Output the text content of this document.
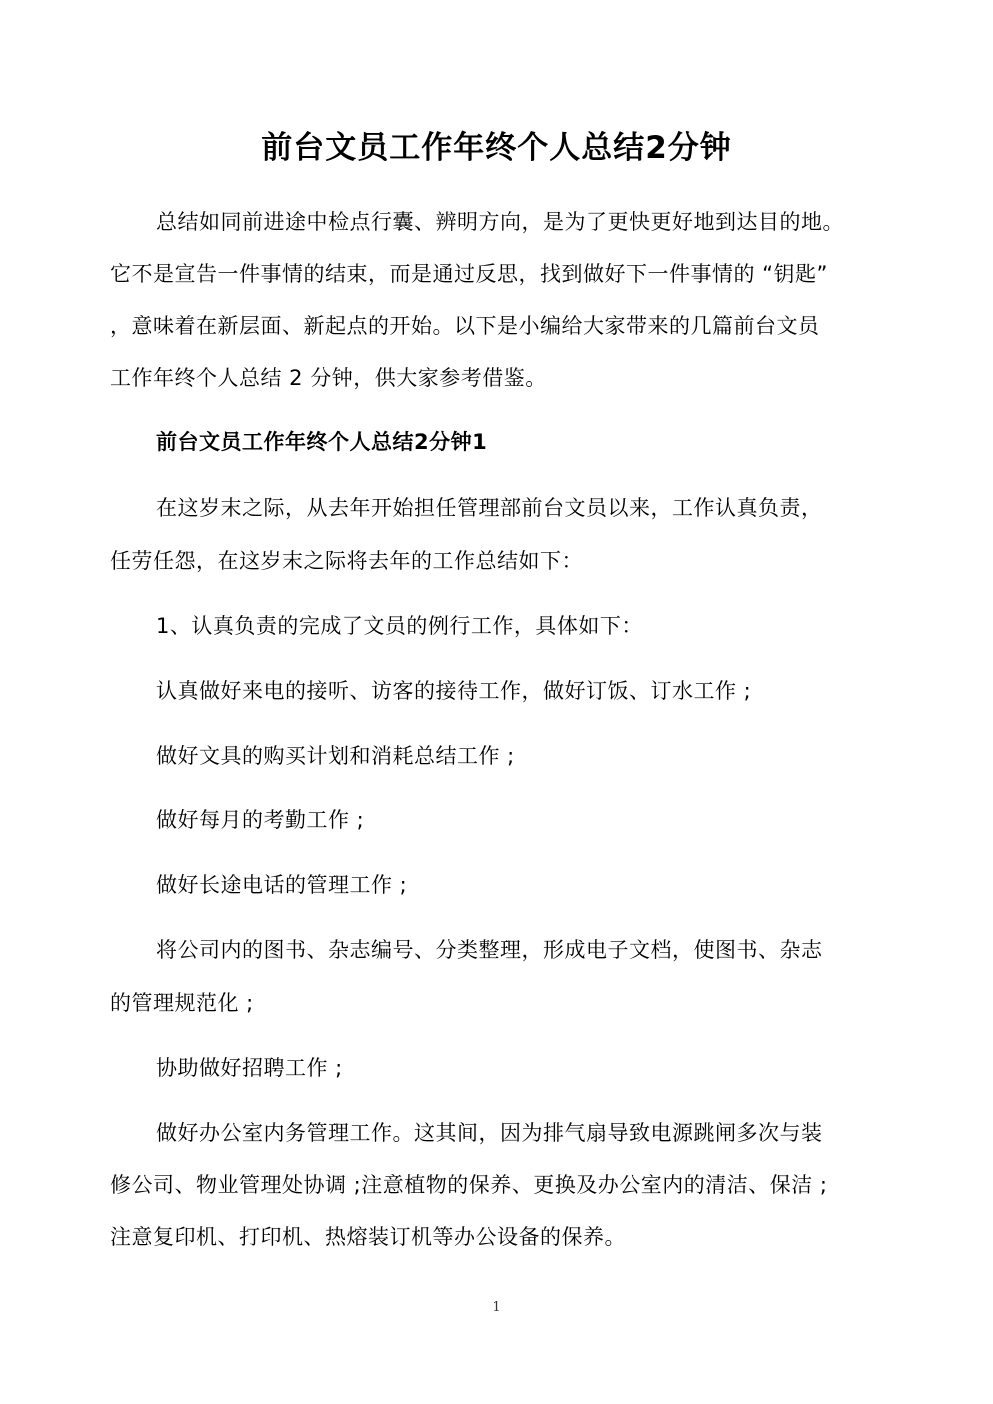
前台文员工作年终个人总结2分钟
总结如同前进途中检点行囊、辨明方向，是为了更快更好地到达目的地。
它不是宣告一件事情的结束，而是通过反思，找到做好下一件事情的 “钥匙”
，意味着在新层面、新起点的开始。以下是小编给大家带来的几篇前台文员
工作年终个人总结 2 分钟，供大家参考借鉴。
前台文员工作年终个人总结2分钟1
在这岁末之际，从去年开始担任管理部前台文员以来，工作认真负责，
任劳任怨，在这岁末之际将去年的工作总结如下：
1、认真负责的完成了文员的例行工作，具体如下：
认真做好来电的接听、访客的接待工作，做好订饭、订水工作 ;
做好文具的购买计划和消耗总结工作 ;
做好每月的考勤工作 ;
做好长途电话的管理工作 ;
将公司内的图书、杂志编号、分类整理，形成电子文档，使图书、杂志
的管理规范化 ;
协助做好招聘工作 ;
做好办公室内务管理工作。这其间，因为排气扇导致电源跳闸多次与装
修公司、物业管理处协调 ;注意植物的保养、更换及办公室内的清洁、保洁 ;
注意复印机、打印机、热熔装订机等办公设备的保养。
1
